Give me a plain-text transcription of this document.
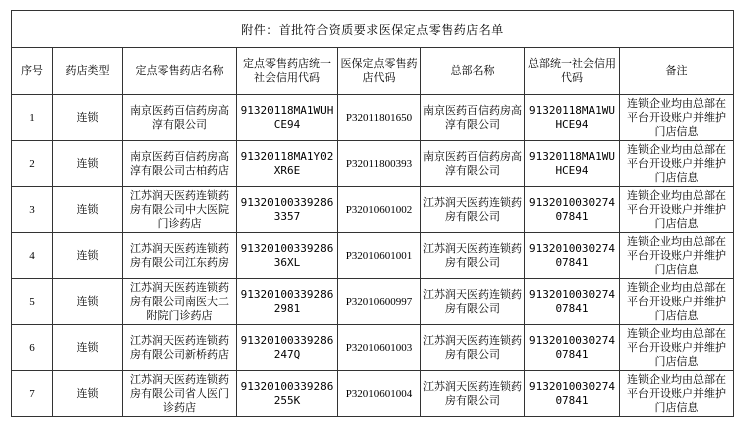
附件：首批符合资质要求医保定点零售药店名单							
序号	药店类型	定点零售药店名称	定点零售药店统一社会信用代码	医保定点零售药店代码	总部名称	总部统一社会信用代码	备注
1	连锁	南京医药百信药房高淳有限公司	91320118MA1WUHCE94	P32011801650	南京医药百信药房高淳有限公司	91320118MA1WUHCE94	连锁企业均由总部在平台开设账户并维护门店信息
2	连锁	南京医药百信药房高淳有限公司古柏药店	91320118MA1Y02XR6E	P32011800393	南京医药百信药房高淳有限公司	91320118MA1WUHCE94	连锁企业均由总部在平台开设账户并维护门店信息
3	连锁	江苏润天医药连锁药房有限公司中大医院门诊药店	913201003392863357	P32010601002	江苏润天医药连锁药房有限公司	913201003027407841	连锁企业均由总部在平台开设账户并维护门店信息
4	连锁	江苏润天医药连锁药房有限公司江东药房	9132010033928636XL	P32010601001	江苏润天医药连锁药房有限公司	913201003027407841	连锁企业均由总部在平台开设账户并维护门店信息
5	连锁	江苏润天医药连锁药房有限公司南医大二附院门诊药店	913201003392862981	P32010600997	江苏润天医药连锁药房有限公司	913201003027407841	连锁企业均由总部在平台开设账户并维护门店信息
6	连锁	江苏润天医药连锁药房有限公司新桥药店	91320100339286247Q	P32010601003	江苏润天医药连锁药房有限公司	913201003027407841	连锁企业均由总部在平台开设账户并维护门店信息
7	连锁	江苏润天医药连锁药房有限公司省人医门诊药店	91320100339286255K	P32010601004	江苏润天医药连锁药房有限公司	913201003027407841	连锁企业均由总部在平台开设账户并维护门店信息
